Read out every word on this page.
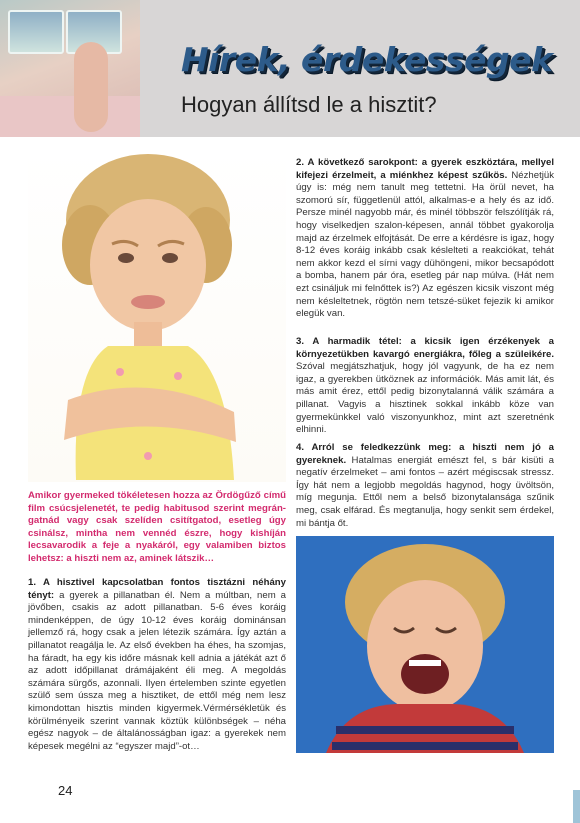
Hírek, érdekességek
Hogyan állítsd le a hisztit?

Amikor gyermeked tökéletesen hozza az Ördögűző című film csúcsjelenetét, te pedig habitusod szerint megrán-gatnád vagy csak szelíden csitítgatod, esetleg úgy csinálsz, mintha nem vennéd észre, hogy kishíján lecsavarodik a feje a nyakáról, egy valamiben biztos lehetsz: a hiszti nem az, aminek látszik…

1. A hisztivel kapcsolatban fontos tisztázni néhány tényt: a gyerek a pillanatban él. Nem a múltban, nem a jövőben, csakis az adott pillanatban. 5-6 éves koráig mindenképpen, de úgy 10-12 éves koráig dominánsan jellemző rá, hogy csak a jelen létezik számára. Így aztán a pillanatot reagálja le. Az első években ha éhes, ha szomjas, ha fáradt, ha egy kis időre másnak kell adnia a játékát azt ő az adott időpillanat drámájaként éli meg. A megoldás számára sürgős, azonnali. Ilyen értelemben szinte egyetlen szülő sem ússza meg a hisztiket, de ettől még nem lesz kimondottan hisztis minden kigyermek.Vérmérsékletük és körülményeik szerint vannak köztük különbségek – néha egész nagyok – de általánosságban igaz: a gyerekek nem képesek megélni az “egyszer majd”-ot…

2. A következő sarokpont: a gyerek eszköztára, mellyel kifejezi érzelmeit, a miénkhez képest szűkös. Nézhetjük úgy is: még nem tanult meg tettetni. Ha örül nevet, ha szomorú sír, függetlenül attól, alkalmas-e a hely és az idő. Persze minél nagyobb már, és minél többször felszólítják rá, hogy viselkedjen szalon-képesen, annál többet gyakorolja majd az érzelmek elfojtását. De erre a kérdésre is igaz, hogy 8-12 éves koráig inkább csak késlelteti a reakciókat, tehát nem akkor kezd el sírni vagy dühöngeni, mikor becsapódott a bomba, hanem pár óra, esetleg pár nap múlva. (Hát nem ezt csináljuk mi felnőttek is?) Az egészen kicsik viszont még nem késleltetnek, rögtön nem tetszé-süket fejezik ki amikor elegük van.

3. A harmadik tétel: a kicsik igen érzékenyek a környezetükben kavargó energiákra, főleg a szüleikére. Szóval megjátszhatjuk, hogy jól vagyunk, de ha ez nem igaz, a gyerekben ütköznek az információk. Más amit lát, és más amit érez, ettől pedig bizonytalanná válik számára a pillanat. Vagyis a hisztinek sokkal inkább köze van gyermekünkkel való viszonyunkhoz, mint azt szeretnénk elhinni.

4. Arról se feledkezzünk meg: a hiszti nem jó a gyereknek. Hatalmas energiát emészt fel, s bár kisüti a negatív érzelmeket – ami fontos – azért mégiscsak stressz. Így hát nem a legjobb megoldás hagynod, hogy üvöltsön, míg megunja. Ettől nem a belső bizonytalansága szűnik meg, csak elfárad. És megtanulja, hogy senkit sem érdekel, mi bántja őt.

24
